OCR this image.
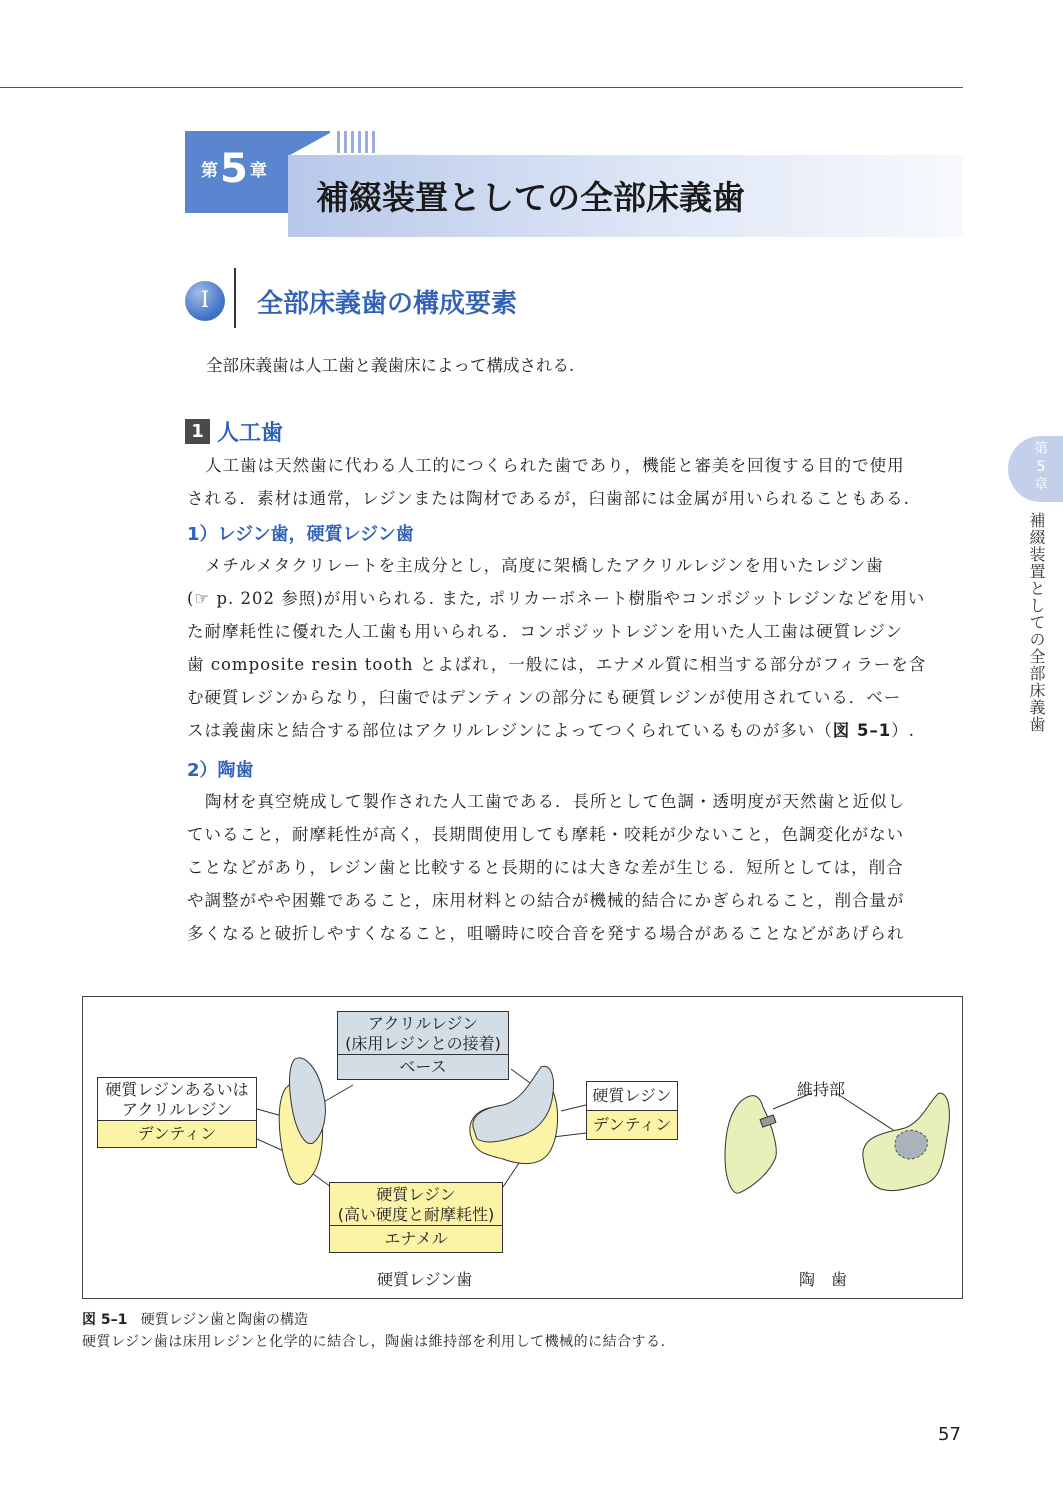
第5 章
補綴装置としての全部床義歯
I	全部床義歯の構成要素
全部床義歯は人工歯と義歯床によって構成される.
1 人工歯
人工歯は天然歯に代わる人工的につくられた歯であり，機能と審美を回復する目的で使用
される．素材は通常，レジンまたは陶材であるが，臼歯部には金属が用いられることもある.
1）レジン歯，硬質レジン歯
メチルメタクリレートを主成分とし，高度に架橋したアクリルレジンを用いたレジン歯
(☞ p. 202 参照)が用いられる. また, ポリカーボネート樹脂やコンポジットレジンなどを用い
た耐摩耗性に優れた人工歯も用いられる．コンポジットレジンを用いた人工歯は硬質レジン
歯 composite resin tooth とよばれ，一般には，エナメル質に相当する部分がフィラーを含
む硬質レジンからなり，臼歯ではデンティンの部分にも硬質レジンが使用されている．ベー
スは義歯床と結合する部位はアクリルレジンによってつくられているものが多い（図 5–1）.
2）陶歯
陶材を真空焼成して製作された人工歯である．長所として色調・透明度が天然歯と近似し
ていること，耐摩耗性が高く，長期間使用しても摩耗・咬耗が少ないこと，色調変化がない
ことなどがあり，レジン歯と比較すると長期的には大きな差が生じる．短所としては，削合
や調整がやや困難であること，床用材料との結合が機械的結合にかぎられること，削合量が
多くなると破折しやすくなること，咀嚼時に咬合音を発する場合があることなどがあげられ
第
5
章
補綴装置としての全部床義歯
アクリルレジン
(床用レジンとの接着)
ベース
硬質レジンあるいは
アクリルレジン
デンティン
硬質レジン
デンティン
硬質レジン
(高い硬度と耐摩耗性)
エナメル
維持部
硬質レジン歯	陶　歯
図 5–1 硬質レジン歯と陶歯の構造
硬質レジン歯は床用レジンと化学的に結合し，陶歯は維持部を利用して機械的に結合する.
57
